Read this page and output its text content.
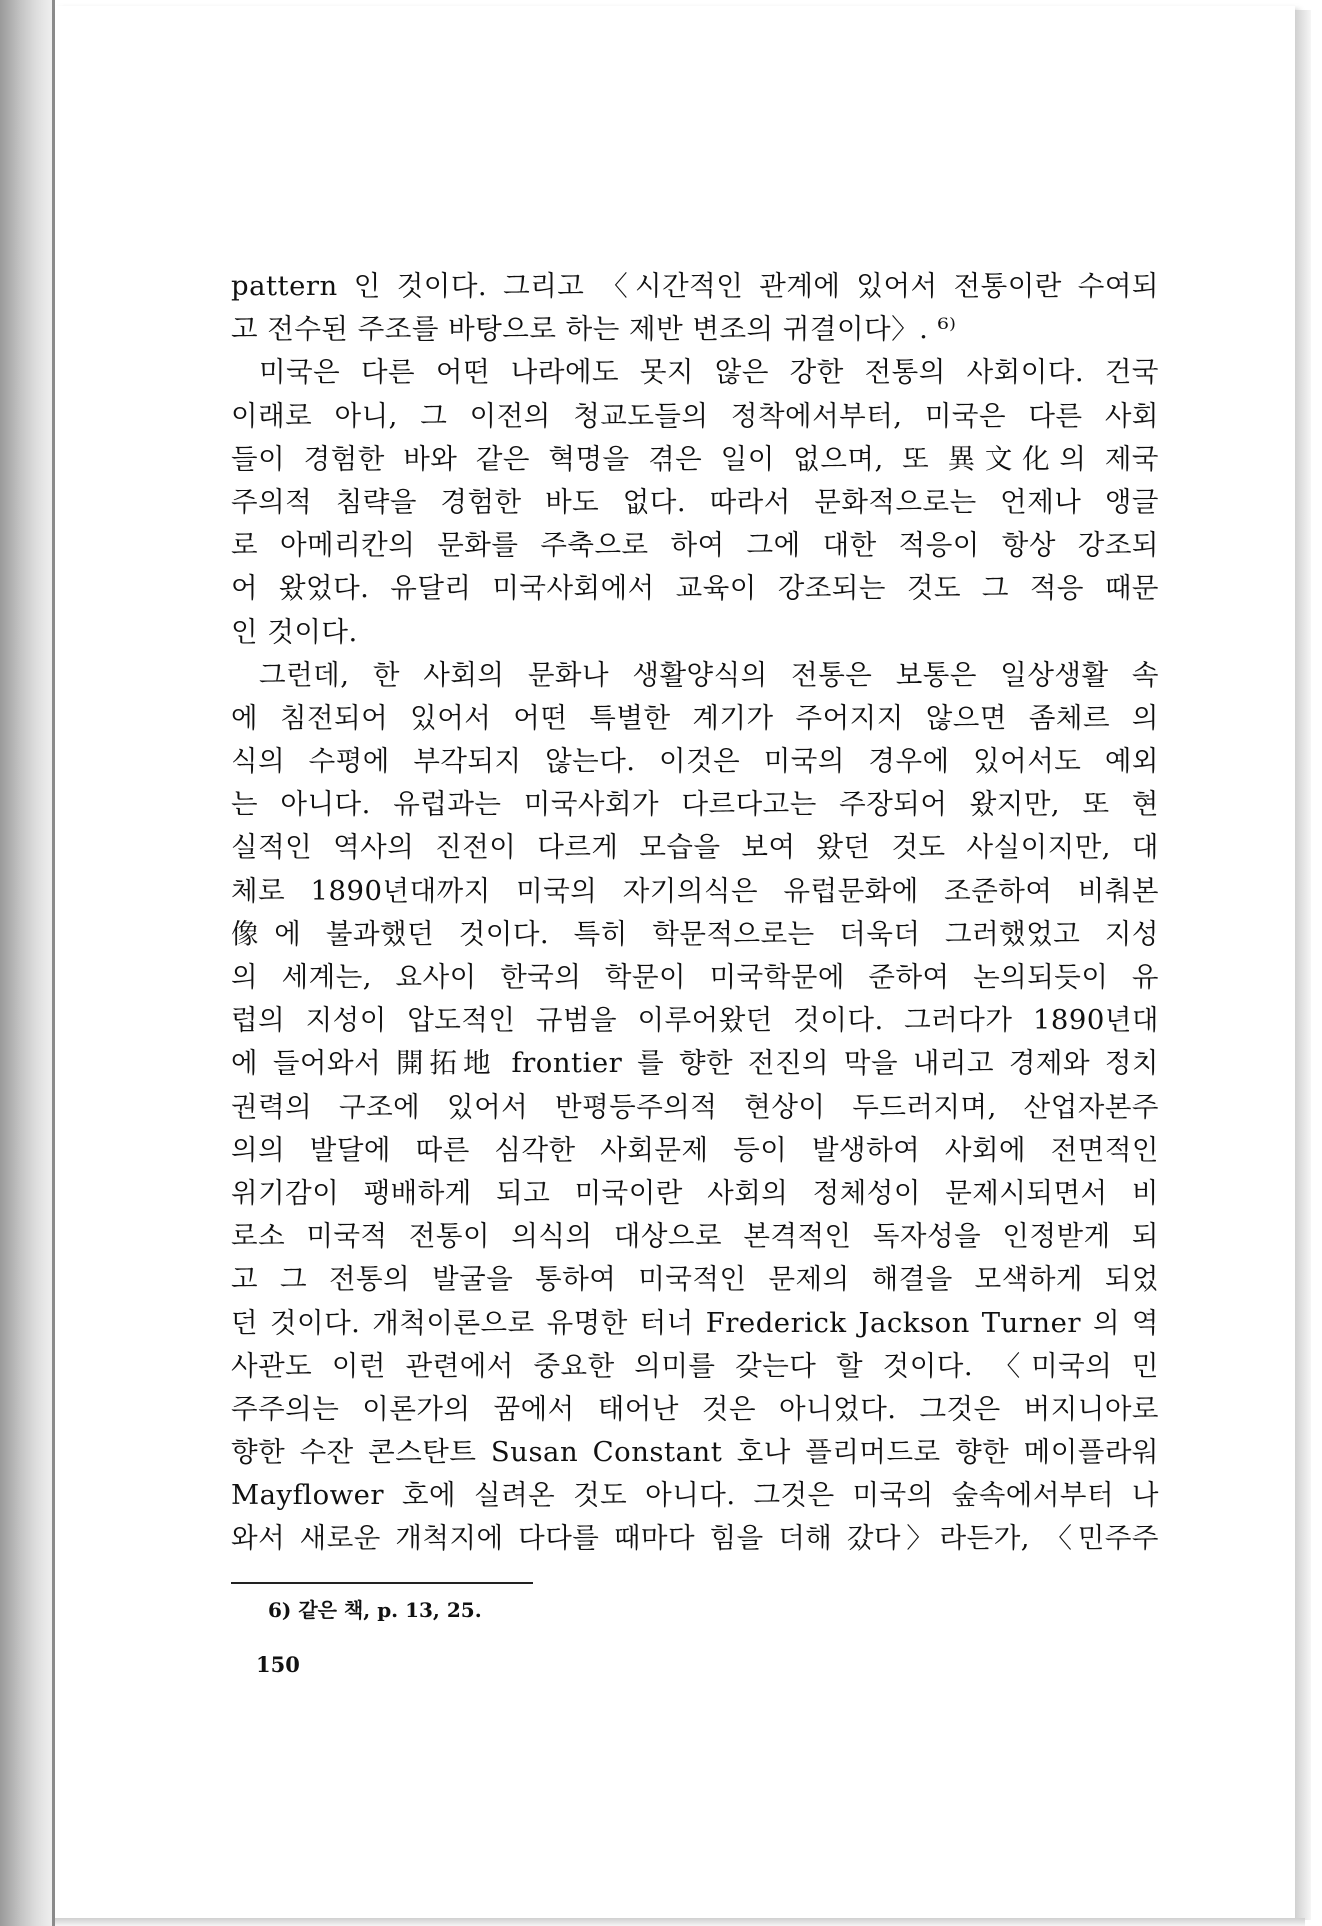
pattern 인 것이다. 그리고 〈시간적인 관계에 있어서 전통이란 수여되
고 전수된 주조를 바탕으로 하는 제반 변조의 귀결이다〉. ⁶⁾
미국은 다른 어떤 나라에도 못지 않은 강한 전통의 사회이다. 건국
이래로 아니, 그 이전의 청교도들의 정착에서부터, 미국은 다른 사회
들이 경험한 바와 같은 혁명을 겪은 일이 없으며, 또 異文化의 제국
주의적 침략을 경험한 바도 없다. 따라서 문화적으로는 언제나 앵글
로 아메리칸의 문화를 주축으로 하여 그에 대한 적응이 항상 강조되
어 왔었다. 유달리 미국사회에서 교육이 강조되는 것도 그 적응 때문
인 것이다.
그런데, 한 사회의 문화나 생활양식의 전통은 보통은 일상생활 속
에 침전되어 있어서 어떤 특별한 계기가 주어지지 않으면 좀체르 의
식의 수평에 부각되지 않는다. 이것은 미국의 경우에 있어서도 예외
는 아니다. 유럽과는 미국사회가 다르다고는 주장되어 왔지만, 또 현
실적인 역사의 진전이 다르게 모습을 보여 왔던 것도 사실이지만, 대
체로 1890년대까지 미국의 자기의식은 유럽문화에 조준하여 비춰본
像에 불과했던 것이다. 특히 학문적으로는 더욱더 그러했었고 지성
의 세계는, 요사이 한국의 학문이 미국학문에 준하여 논의되듯이 유
럽의 지성이 압도적인 규범을 이루어왔던 것이다. 그러다가 1890년대
에 들어와서 開拓地 frontier 를 향한 전진의 막을 내리고 경제와 정치
권력의 구조에 있어서 반평등주의적 현상이 두드러지며, 산업자본주
의의 발달에 따른 심각한 사회문제 등이 발생하여 사회에 전면적인
위기감이 팽배하게 되고 미국이란 사회의 정체성이 문제시되면서 비
로소 미국적 전통이 의식의 대상으로 본격적인 독자성을 인정받게 되
고 그 전통의 발굴을 통하여 미국적인 문제의 해결을 모색하게 되었
던 것이다. 개척이론으로 유명한 터너 Frederick Jackson Turner 의 역
사관도 이런 관련에서 중요한 의미를 갖는다 할 것이다. 〈미국의 민
주주의는 이론가의 꿈에서 태어난 것은 아니었다. 그것은 버지니아로
향한 수잔 콘스탄트 Susan Constant 호나 플리머드로 향한 메이플라워
Mayflower 호에 실려온 것도 아니다. 그것은 미국의 숲속에서부터 나
와서 새로운 개척지에 다다를 때마다 힘을 더해 갔다〉라든가, 〈민주주
6) 같은 책, p. 13, 25.
150
